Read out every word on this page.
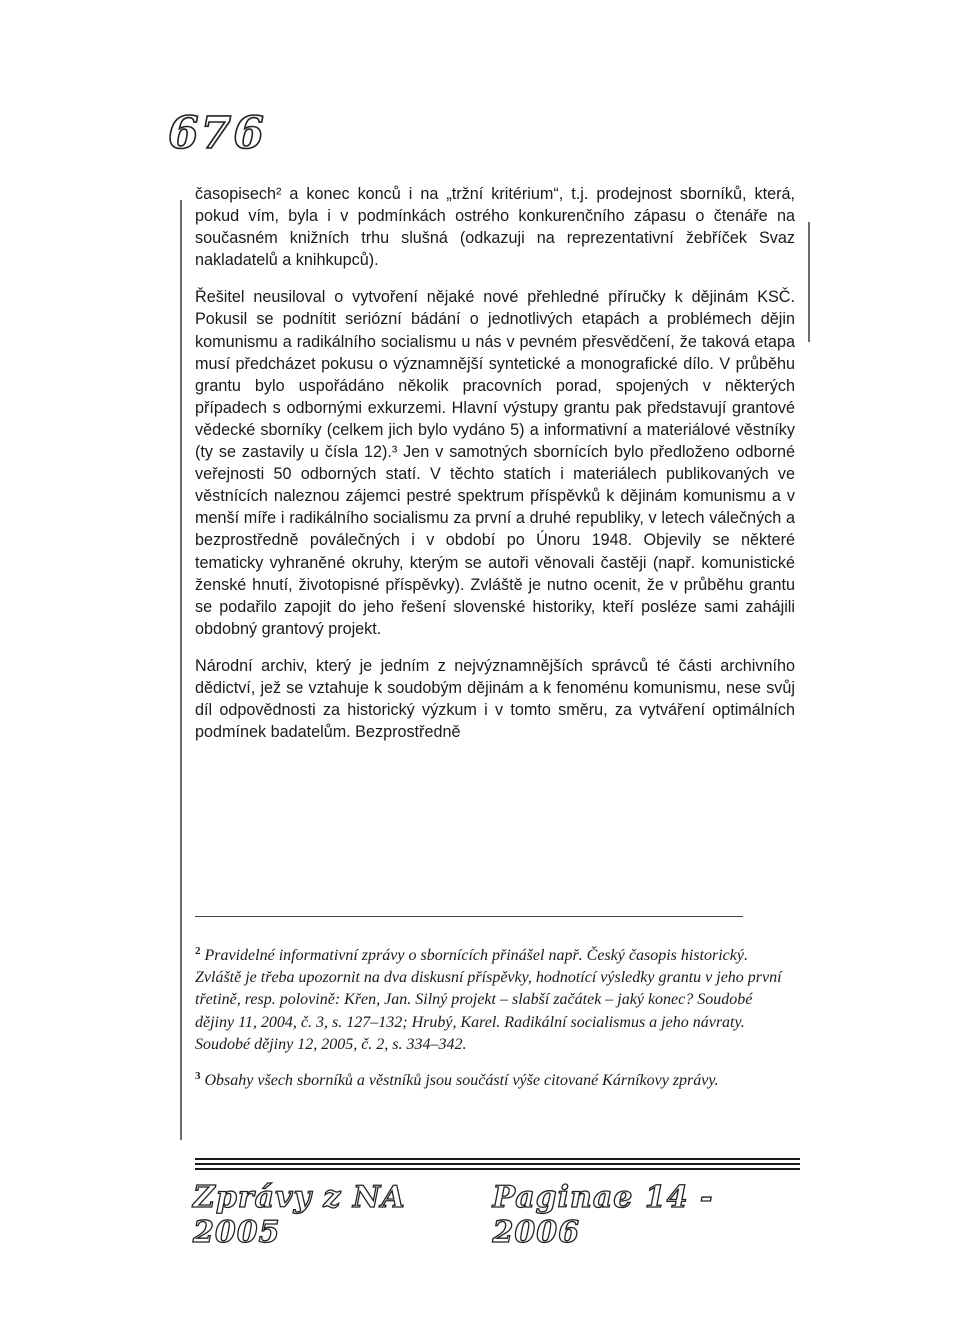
676

časopisech² a konec konců i na „tržní kritérium“, t.j. prodejnost sborníků, která, pokud vím, byla i v podmínkách ostrého konkurenčního zápasu o čtenáře na současném knižních trhu slušná (odkazuji na reprezentativní žebříček Svaz nakladatelů a knihkupců).

Řešitel neusiloval o vytvoření nějaké nové přehledné příručky k dějinám KSČ. Pokusil se podnítit seriózní bádání o jednotlivých etapách a problémech dějin komunismu a radikálního socialismu u nás v pevném přesvědčení, že taková etapa musí předcházet pokusu o významnější syntetické a monografické dílo. V průběhu grantu bylo uspořádáno několik pracovních porad, spojených v některých případech s odbornými exkurzemi. Hlavní výstupy grantu pak představují grantové vědecké sborníky (celkem jich bylo vydáno 5) a informativní a materiálové věstníky (ty se zastavily u čísla 12).³ Jen v samotných sbornících bylo předloženo odborné veřejnosti 50 odborných statí. V těchto statích i materiálech publikovaných ve věstnících naleznou zájemci pestré spektrum příspěvků k dějinám komunismu a v menší míře i radikálního socialismu za první a druhé republiky, v letech válečných a bezprostředně poválečných i v období po Únoru 1948. Objevily se některé tematicky vyhraněné okruhy, kterým se autoři věnovali častěji (např. komunistické ženské hnutí, životopisné příspěvky). Zvláště je nutno ocenit, že v průběhu grantu se podařilo zapojit do jeho řešení slovenské historiky, kteří posléze sami zahájili obdobný grantový projekt.

Národní archiv, který je jedním z nejvýznamnějších správců té části archivního dědictví, jež se vztahuje k soudobým dějinám a k fenoménu komunismu, nese svůj díl odpovědnosti za historický výzkum i v tomto směru, za vytváření optimálních podmínek badatelům. Bezprostředně

$^2$ Pravidelné informativní zprávy o sbornících přinášel např. Český časopis historický. Zvláště je třeba upozornit na dva diskusní příspěvky, hodnotící výsledky grantu v jeho první třetině, resp. polovině: Křen, Jan. Silný projekt – slabší začátek – jaký konec? Soudobé dějiny 11, 2004, č. 3, s. 127–132; Hrubý, Karel. Radikální socialismus a jeho návraty. Soudobé dějiny 12, 2005, č. 2, s. 334–342.

$^3$ Obsahy všech sborníků a věstníků jsou součástí výše citované Kárníkovy zprávy.

Zprávy z NA 2005
Paginae 14 - 2006
